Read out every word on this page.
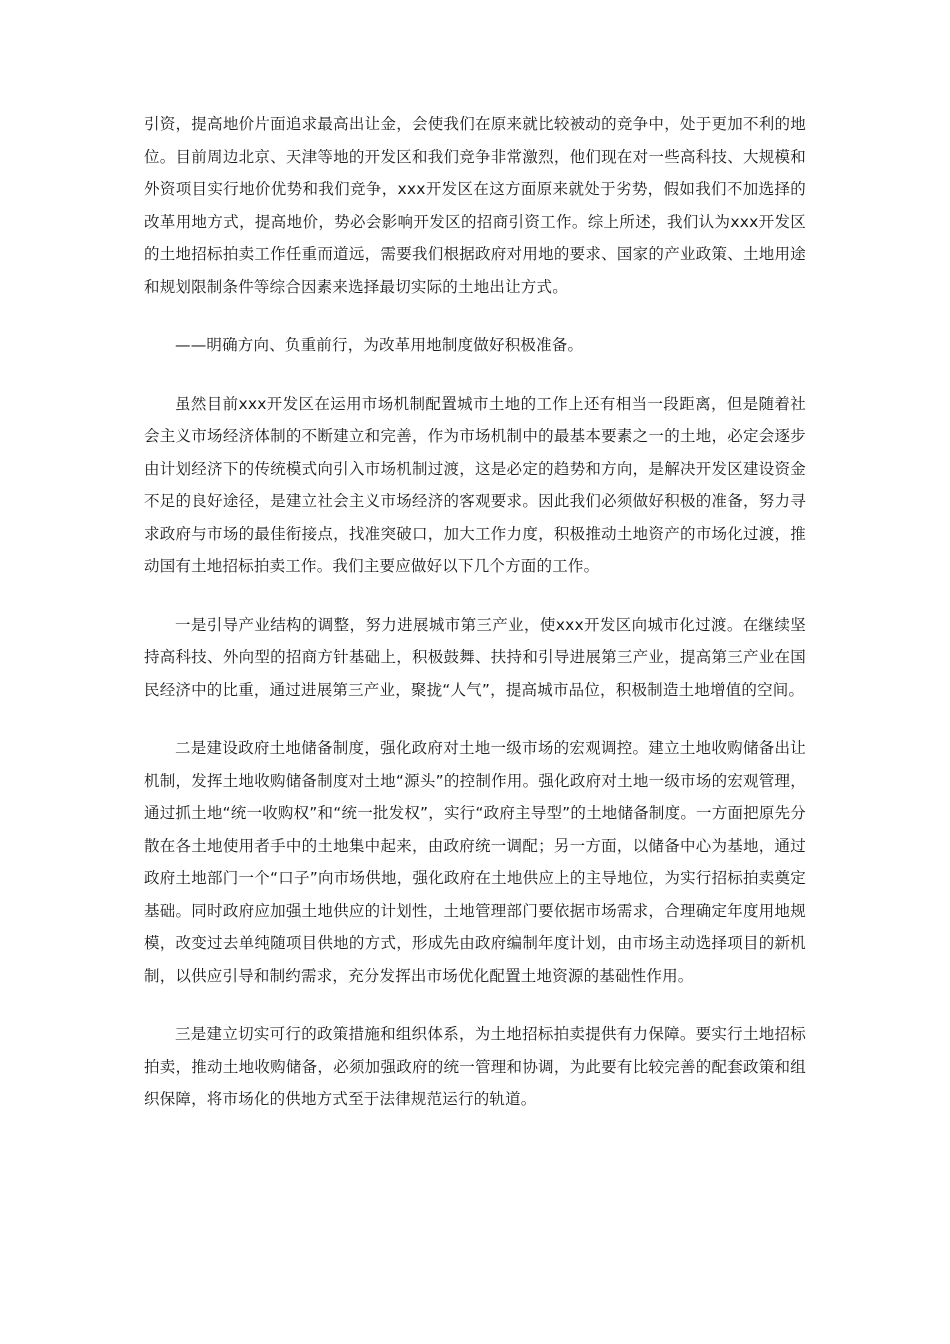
引资，提高地价片面追求最高出让金，会使我们在原来就比较被动的竞争中，处于更加不利的地位。目前周边北京、天津等地的开发区和我们竞争非常激烈，他们现在对一些高科技、大规模和外资项目实行地价优势和我们竞争，xxx开发区在这方面原来就处于劣势，假如我们不加选择的改革用地方式，提高地价，势必会影响开发区的招商引资工作。综上所述，我们认为xxx开发区的土地招标拍卖工作任重而道远，需要我们根据政府对用地的要求、国家的产业政策、土地用途和规划限制条件等综合因素来选择最切实际的土地出让方式。

——明确方向、负重前行，为改革用地制度做好积极准备。

虽然目前xxx开发区在运用市场机制配置城市土地的工作上还有相当一段距离，但是随着社会主义市场经济体制的不断建立和完善，作为市场机制中的最基本要素之一的土地，必定会逐步由计划经济下的传统模式向引入市场机制过渡，这是必定的趋势和方向，是解决开发区建设资金不足的良好途径，是建立社会主义市场经济的客观要求。因此我们必须做好积极的准备，努力寻求政府与市场的最佳衔接点，找准突破口，加大工作力度，积极推动土地资产的市场化过渡，推动国有土地招标拍卖工作。我们主要应做好以下几个方面的工作。

一是引导产业结构的调整，努力进展城市第三产业，使xxx开发区向城市化过渡。在继续坚持高科技、外向型的招商方针基础上，积极鼓舞、扶持和引导进展第三产业，提高第三产业在国民经济中的比重，通过进展第三产业，聚拢“人气”，提高城市品位，积极制造土地增值的空间。

二是建设政府土地储备制度，强化政府对土地一级市场的宏观调控。建立土地收购储备出让机制，发挥土地收购储备制度对土地“源头”的控制作用。强化政府对土地一级市场的宏观管理，通过抓土地“统一收购权”和“统一批发权”，实行“政府主导型”的土地储备制度。一方面把原先分散在各土地使用者手中的土地集中起来，由政府统一调配；另一方面，以储备中心为基地，通过政府土地部门一个“口子”向市场供地，强化政府在土地供应上的主导地位，为实行招标拍卖奠定基础。同时政府应加强土地供应的计划性，土地管理部门要依据市场需求，合理确定年度用地规模，改变过去单纯随项目供地的方式，形成先由政府编制年度计划，由市场主动选择项目的新机制，以供应引导和制约需求，充分发挥出市场优化配置土地资源的基础性作用。

三是建立切实可行的政策措施和组织体系，为土地招标拍卖提供有力保障。要实行土地招标拍卖，推动土地收购储备，必须加强政府的统一管理和协调，为此要有比较完善的配套政策和组织保障，将市场化的供地方式至于法律规范运行的轨道。
